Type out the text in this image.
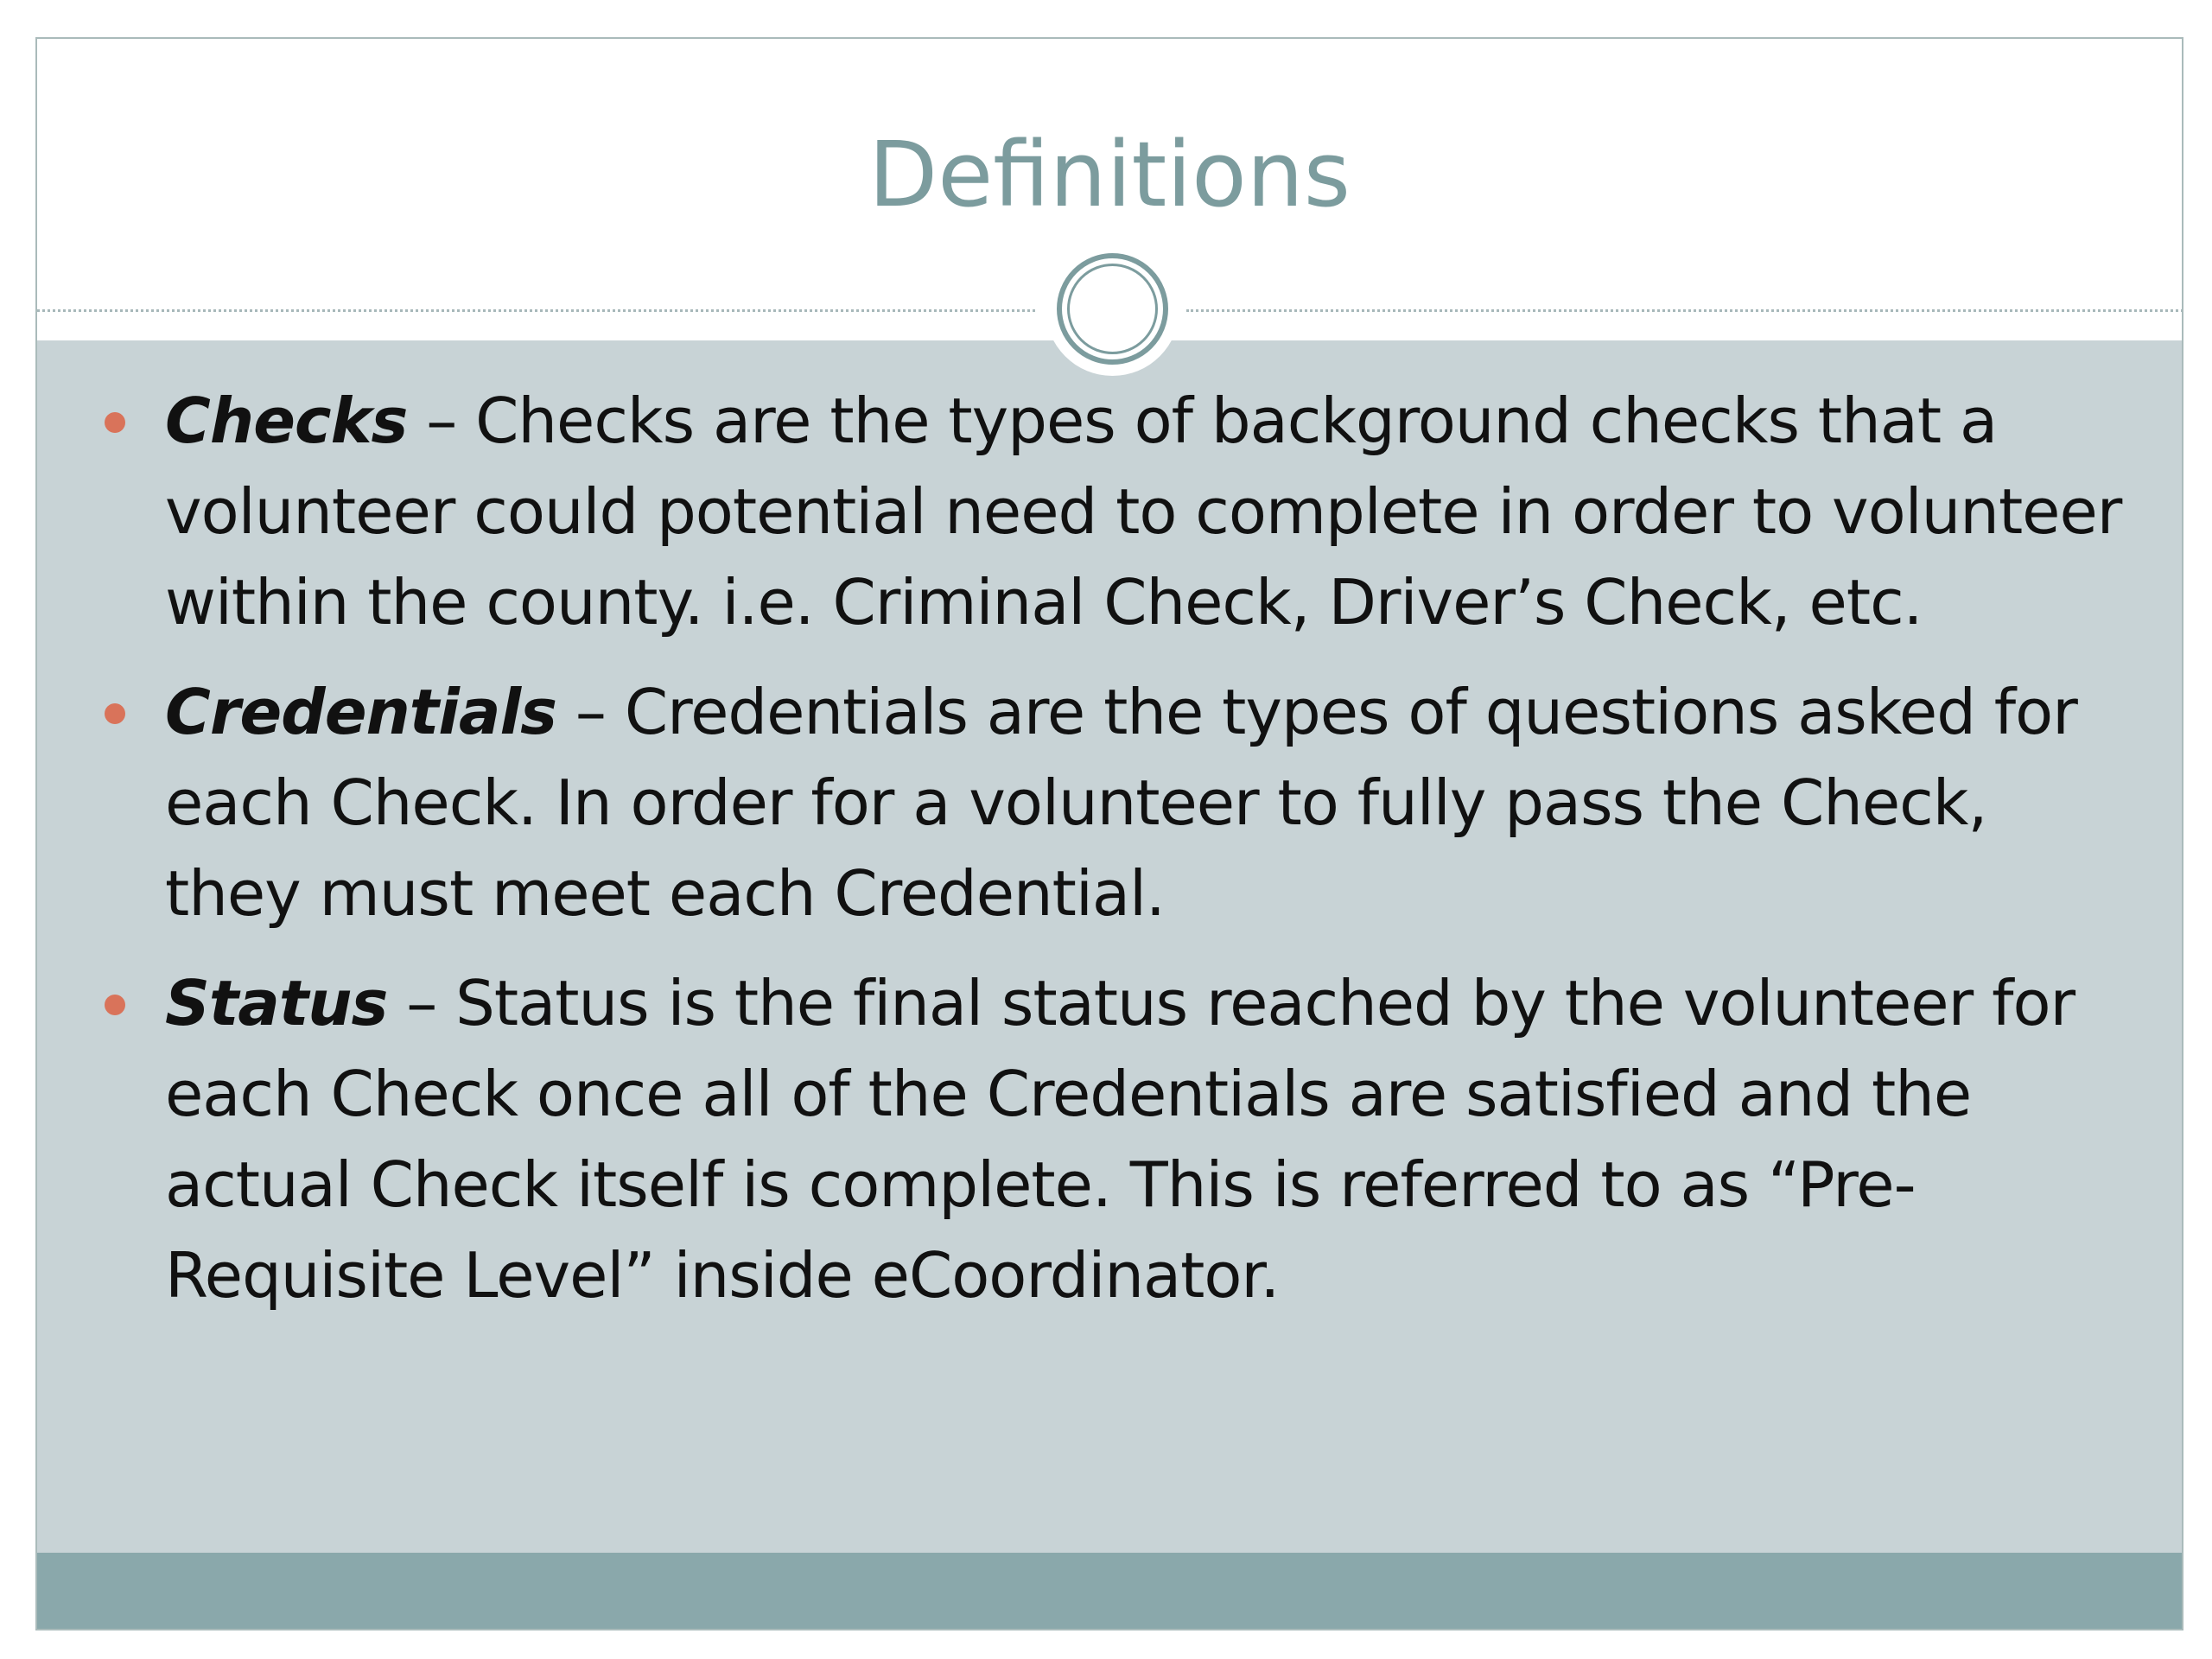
Definitions
Checks – Checks are the types of background checks that a volunteer could potential need to complete in order to volunteer within the county. i.e. Criminal Check, Driver’s Check, etc.
Credentials – Credentials are the types of questions asked for each Check. In order for a volunteer to fully pass the Check, they must meet each Credential.
Status – Status is the final status reached by the volunteer for each Check once all of the Credentials are satisfied and the actual Check itself is complete. This is referred to as “Pre-Requisite Level” inside eCoordinator.
